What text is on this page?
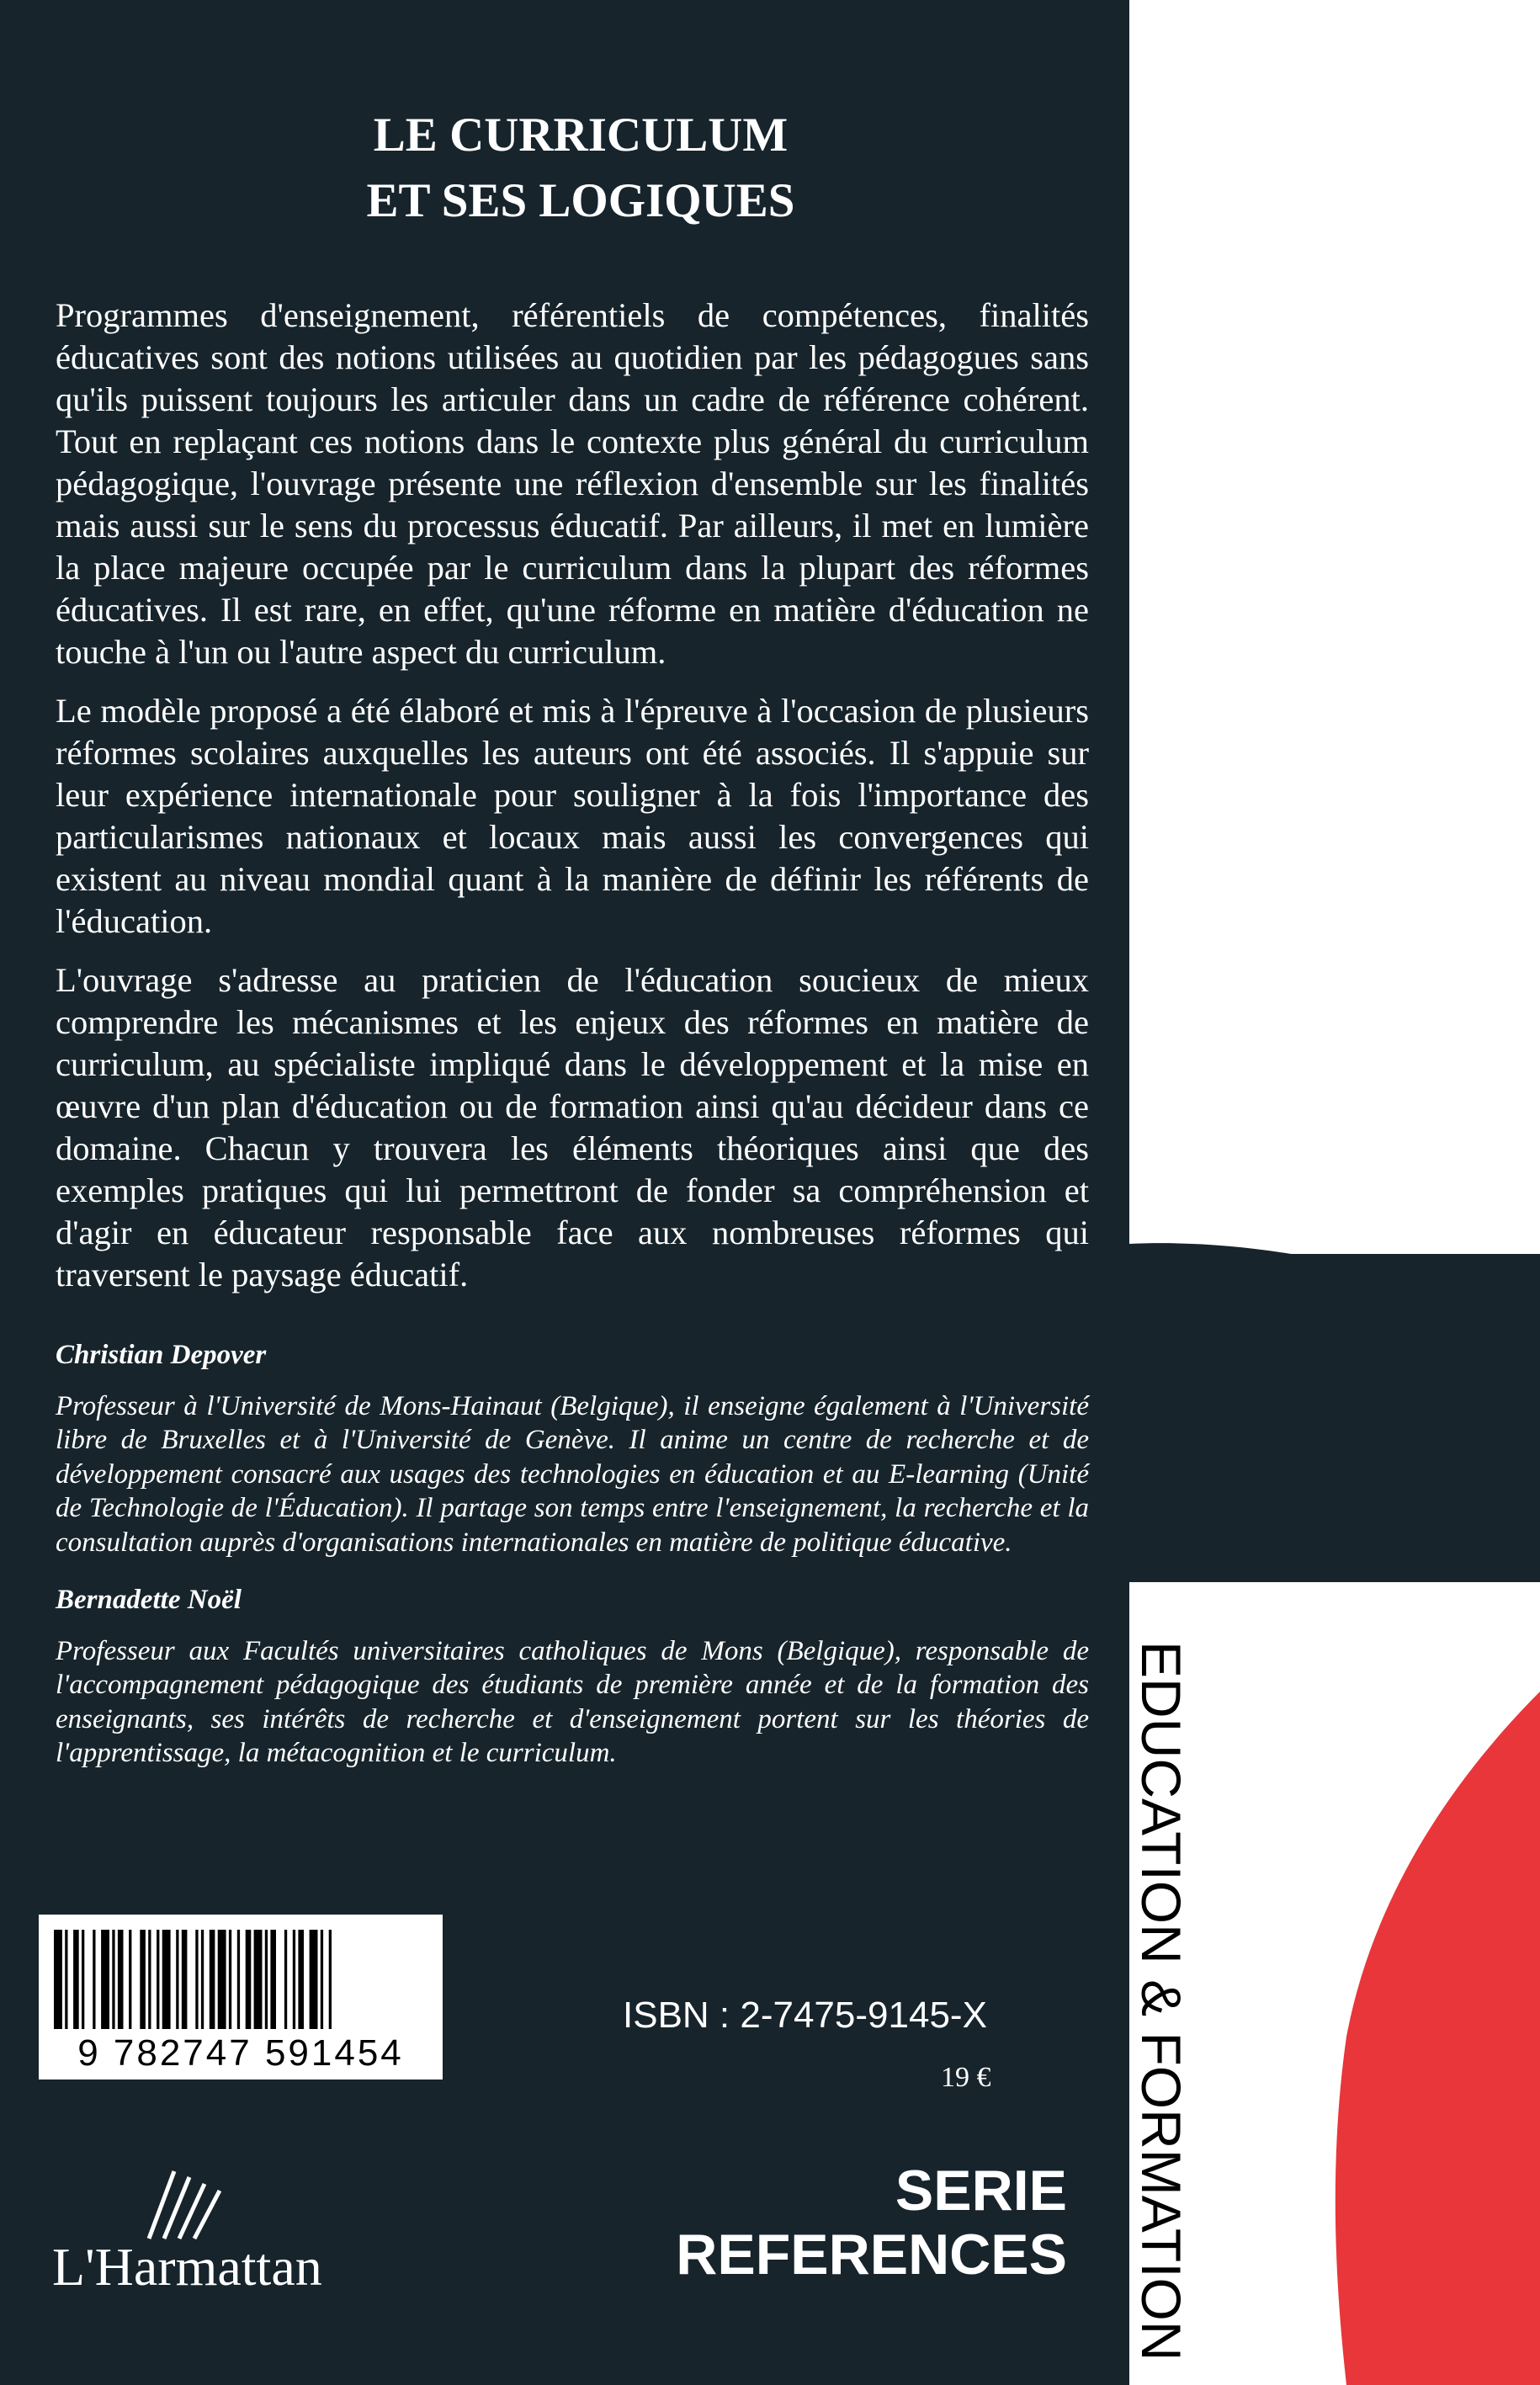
LE CURRICULUM
ET SES LOGIQUES

Programmes d'enseignement, référentiels de compétences, finalités éducatives sont des notions utilisées au quotidien par les pédagogues sans qu'ils puissent toujours les articuler dans un cadre de référence cohérent. Tout en replaçant ces notions dans le contexte plus général du curriculum pédagogique, l'ouvrage présente une réflexion d'ensemble sur les finalités mais aussi sur le sens du processus éducatif. Par ailleurs, il met en lumière la place majeure occupée par le curriculum dans la plupart des réformes éducatives. Il est rare, en effet, qu'une réforme en matière d'éducation ne touche à l'un ou l'autre aspect du curriculum.

Le modèle proposé a été élaboré et mis à l'épreuve à l'occasion de plusieurs réformes scolaires auxquelles les auteurs ont été associés. Il s'appuie sur leur expérience internationale pour souligner à la fois l'importance des particularismes nationaux et locaux mais aussi les convergences qui existent au niveau mondial quant à la manière de définir les référents de l'éducation.

L'ouvrage s'adresse au praticien de l'éducation soucieux de mieux comprendre les mécanismes et les enjeux des réformes en matière de curriculum, au spécialiste impliqué dans le développement et la mise en œuvre d'un plan d'éducation ou de formation ainsi qu'au décideur dans ce domaine. Chacun y trouvera les éléments théoriques ainsi que des exemples pratiques qui lui permettront de fonder sa compréhension et d'agir en éducateur responsable face aux nombreuses réformes qui traversent le paysage éducatif.

Christian Depover
Professeur à l'Université de Mons-Hainaut (Belgique), il enseigne également à l'Université libre de Bruxelles et à l'Université de Genève. Il anime un centre de recherche et de développement consacré aux usages des technologies en éducation et au E-learning (Unité de Technologie de l'Éducation). Il partage son temps entre l'enseignement, la recherche et la consultation auprès d'organisations internationales en matière de politique éducative.
Bernadette Noël
Professeur aux Facultés universitaires catholiques de Mons (Belgique), responsable de l'accompagnement pédagogique des étudiants de première année et de la formation des enseignants, ses intérêts de recherche et d'enseignement portent sur les théories de l'apprentissage, la métacognition et le curriculum.
9 782747 591454
ISBN : 2-7475-9145-X
19 €
SERIE
REFERENCES
L'Harmattan	EDUCATION & FORMATION
